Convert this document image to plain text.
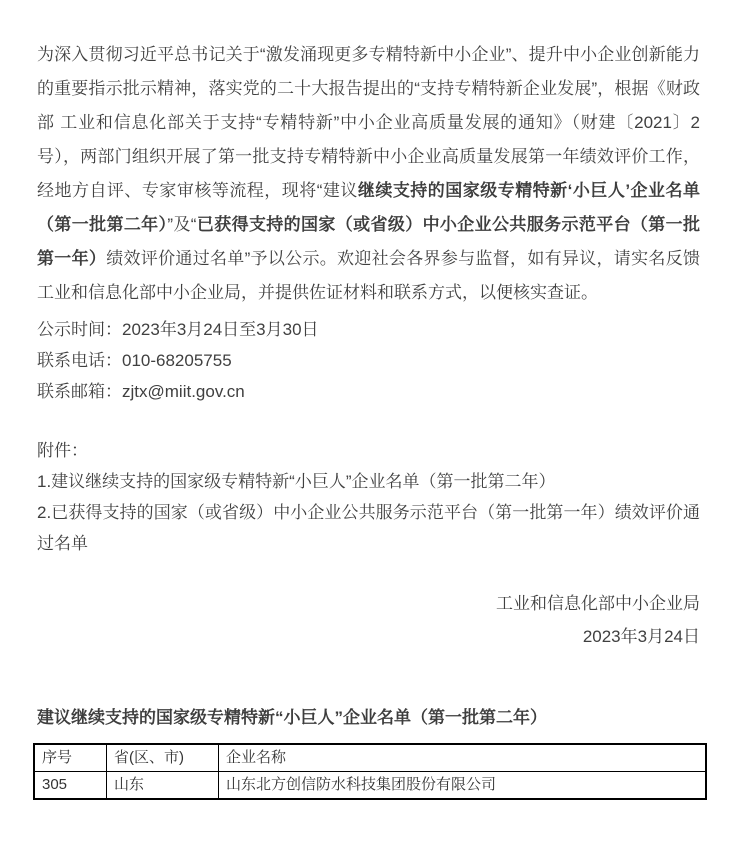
为深入贯彻习近平总书记关于“激发涌现更多专精特新中小企业”、提升中小企业创新能力的重要指示批示精神，落实党的二十大报告提出的“支持专精特新企业发展”，根据《财政部 工业和信息化部关于支持“专精特新”中小企业高质量发展的通知》（财建〔2021〕2号），两部门组织开展了第一批支持专精特新中小企业高质量发展第一年绩效评价工作，经地方自评、专家审核等流程，现将“建议继续支持的国家级专精特新‘小巨人’企业名单（第一批第二年）”及“已获得支持的国家（或省级）中小企业公共服务示范平台（第一批第一年）绩效评价通过名单”予以公示。欢迎社会各界参与监督，如有异议，请实名反馈工业和信息化部中小企业局，并提供佐证材料和联系方式，以便核实查证。

公示时间：2023年3月24日至3月30日
联系电话：010-68205755
联系邮箱：zjtx@miit.gov.cn
附件：
1.建议继续支持的国家级专精特新“小巨人”企业名单（第一批第二年）
2.已获得支持的国家（或省级）中小企业公共服务示范平台（第一批第一年）绩效评价通过名单
工业和信息化部中小企业局
2023年3月24日
建议继续支持的国家级专精特新“小巨人”企业名单（第一批第二年）
序号	省(区、市)	企业名称
305	山东	山东北方创信防水科技集团股份有限公司
